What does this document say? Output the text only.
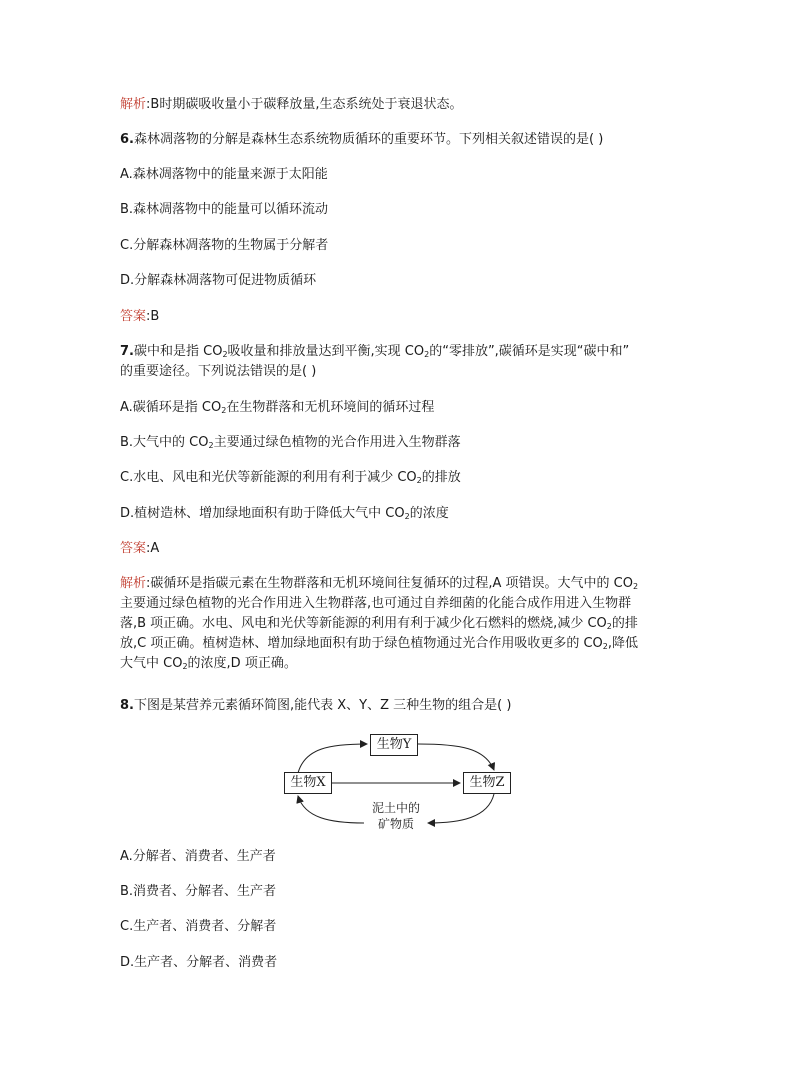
解析:B时期碳吸收量小于碳释放量,生态系统处于衰退状态。
6.森林凋落物的分解是森林生态系统物质循环的重要环节。下列相关叙述错误的是( )
A.森林凋落物中的能量来源于太阳能
B.森林凋落物中的能量可以循环流动
C.分解森林凋落物的生物属于分解者
D.分解森林凋落物可促进物质循环
答案:B
7.碳中和是指 $CO_2$吸收量和排放量达到平衡,实现 $CO_2$的“零排放”,碳循环是实现“碳中和”
的重要途径。下列说法错误的是( )
A.碳循环是指 $CO_2$在生物群落和无机环境间的循环过程
B.大气中的 $CO_2$主要通过绿色植物的光合作用进入生物群落
C.水电、风电和光伏等新能源的利用有利于减少 $CO_2$的排放
D.植树造林、增加绿地面积有助于降低大气中 $CO_2$的浓度
答案:A
解析:碳循环是指碳元素在生物群落和无机环境间往复循环的过程,A 项错误。大气中的 $CO_2$
主要通过绿色植物的光合作用进入生物群落,也可通过自养细菌的化能合成作用进入生物群
落,B 项正确。水电、风电和光伏等新能源的利用有利于减少化石燃料的燃烧,减少 $CO_2$的排
放,C 项正确。植树造林、增加绿地面积有助于绿色植物通过光合作用吸收更多的 $CO_2$,降低
大气中 $CO_2$的浓度,D 项正确。
8.下图是某营养元素循环简图,能代表 X、Y、Z 三种生物的组合是( )
生物Y
生物X	生物Z
泥土中的
矿物质
A.分解者、消费者、生产者
B.消费者、分解者、生产者
C.生产者、消费者、分解者
D.生产者、分解者、消费者
